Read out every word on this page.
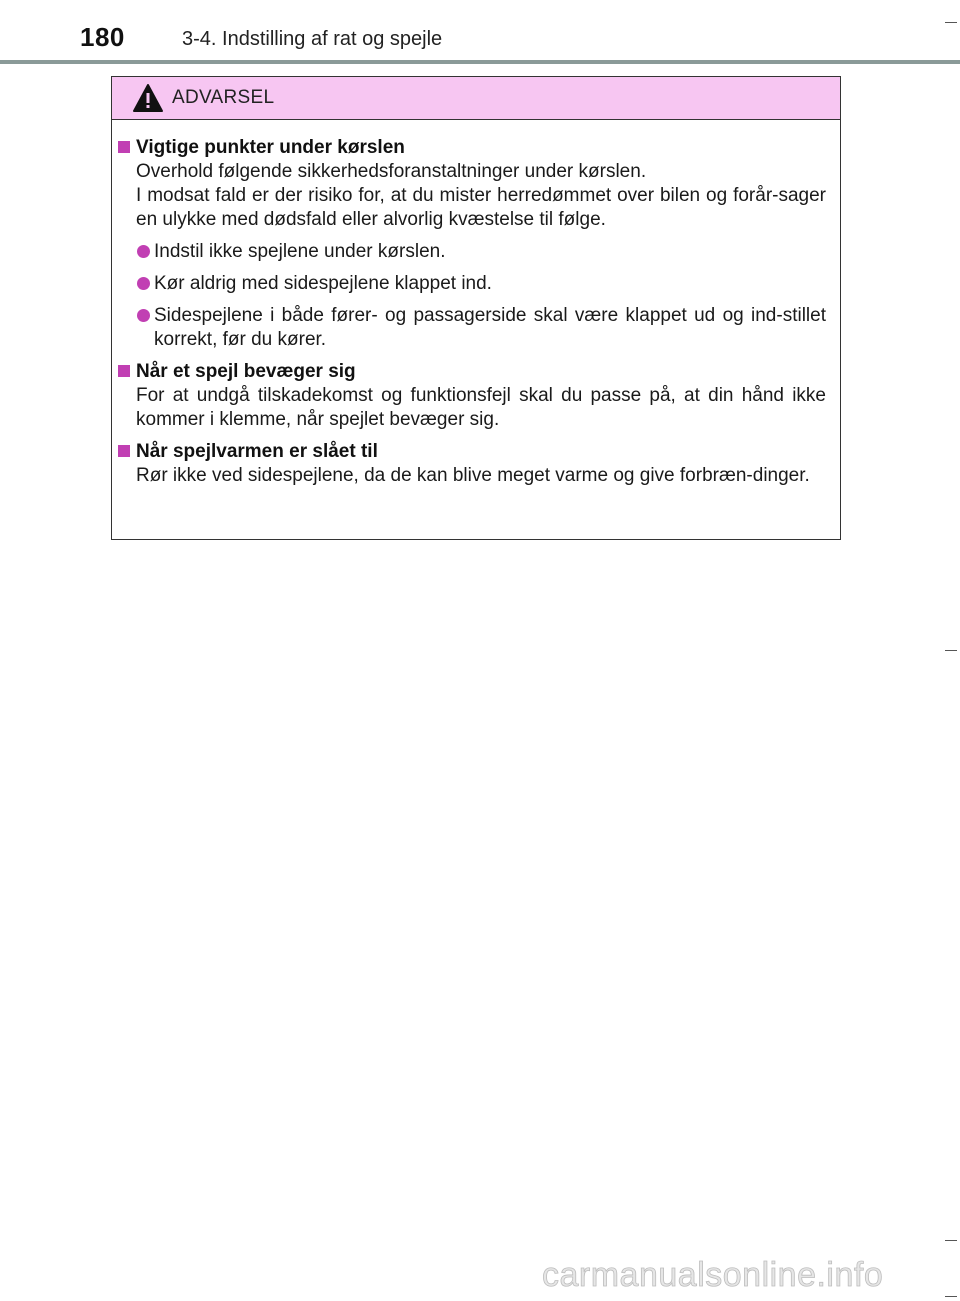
180	3-4. Indstilling af rat og spejle
ADVARSEL
Vigtige punkter under kørslen
Overhold følgende sikkerhedsforanstaltninger under kørslen.
I modsat fald er der risiko for, at du mister herredømmet over bilen og forår-sager en ulykke med dødsfald eller alvorlig kvæstelse til følge.
Indstil ikke spejlene under kørslen.
Kør aldrig med sidespejlene klappet ind.
Sidespejlene i både fører- og passagerside skal være klappet ud og ind-stillet korrekt, før du kører.
Når et spejl bevæger sig
For at undgå tilskadekomst og funktionsfejl skal du passe på, at din hånd ikke kommer i klemme, når spejlet bevæger sig.
Når spejlvarmen er slået til
Rør ikke ved sidespejlene, da de kan blive meget varme og give forbræn-dinger.
carmanualsonline.info
